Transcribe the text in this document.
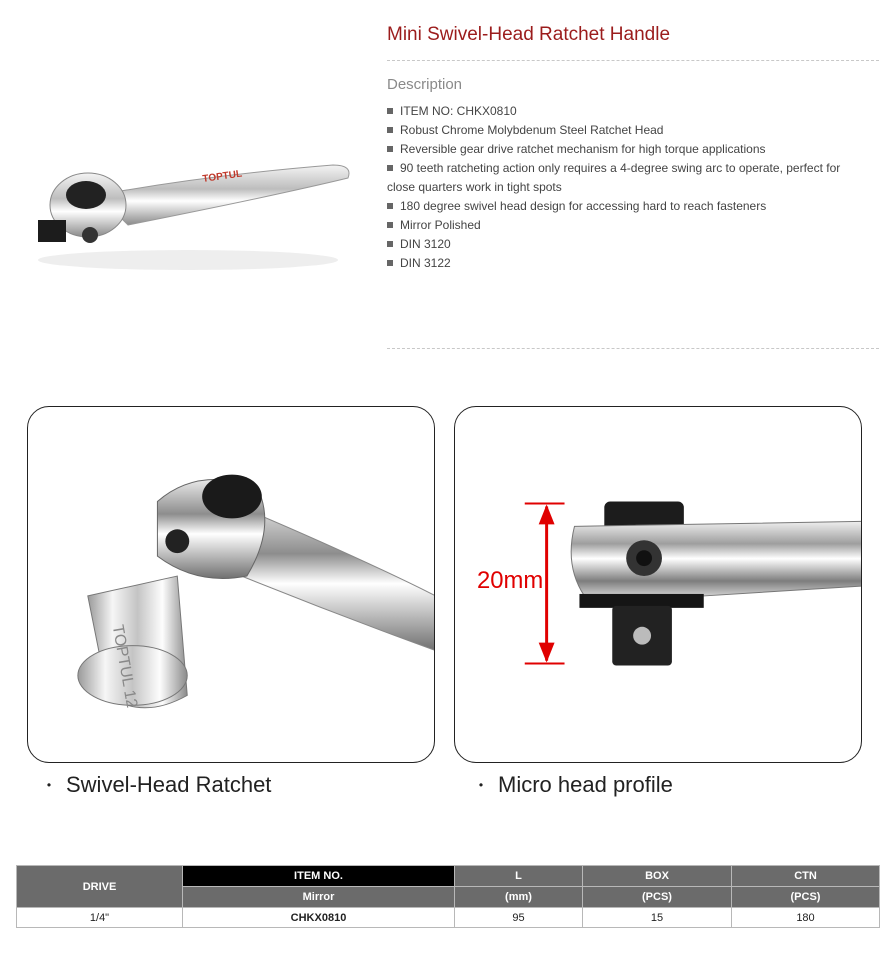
TOPTUL
Mini Swivel-Head Ratchet Handle
Description
ITEM NO: CHKX0810
Robust Chrome Molybdenum Steel Ratchet Head
Reversible gear drive ratchet mechanism for high torque applications
90 teeth ratcheting action only requires a 4-degree swing arc to operate, perfect for close quarters work in tight spots
180 degree swivel head design for accessing hard to reach fasteners
Mirror Polished
DIN 3120
DIN 3122
TOPTUL 12
20mm
・ Swivel-Head Ratchet	・ Micro head profile
DRIVE	ITEM NO.	L	BOX	CTN
	Mirror	(mm)	(PCS)	(PCS)
1/4"	CHKX0810	95	15	180
